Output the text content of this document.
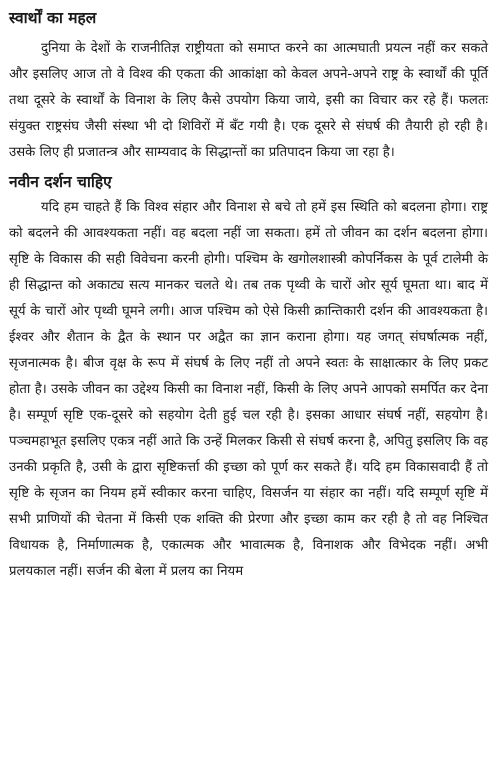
स्वार्थों का महल

दुनिया के देशों के राजनीतिज्ञ राष्ट्रीयता को समाप्त करने का आत्मघाती प्रयत्न नहीं कर सकते और इसलिए आज तो वे विश्व की एकता की आकांक्षा को केवल अपने-अपने राष्ट्र के स्वार्थों की पूर्ति तथा दूसरे के स्वार्थों के विनाश के लिए कैसे उपयोग किया जाये, इसी का विचार कर रहे हैं। फलतः संयुक्त राष्ट्रसंघ जैसी संस्था भी दो शिविरों में बँट गयी है। एक दूसरे से संघर्ष की तैयारी हो रही है। उसके लिए ही प्रजातन्त्र और साम्यवाद के सिद्धान्तों का प्रतिपादन किया जा रहा है।

नवीन दर्शन चाहिए

यदि हम चाहते हैं कि विश्व संहार और विनाश से बचे तो हमें इस स्थिति को बदलना होगा। राष्ट्र को बदलने की आवश्यकता नहीं। वह बदला नहीं जा सकता। हमें तो जीवन का दर्शन बदलना होगा। सृष्टि के विकास की सही विवेचना करनी होगी। पश्चिम के खगोलशास्त्री कोपर्निकस के पूर्व टालेमी के ही सिद्धान्त को अकाट्य सत्य मानकर चलते थे। तब तक पृथ्वी के चारों ओर सूर्य घूमता था। बाद में सूर्य के चारों ओर पृथ्वी घूमने लगी। आज पश्चिम को ऐसे किसी क्रान्तिकारी दर्शन की आवश्यकता है। ईश्वर और शैतान के द्वैत के स्थान पर अद्वैत का ज्ञान कराना होगा। यह जगत् संघर्षात्मक नहीं, सृजनात्मक है। बीज वृक्ष के रूप में संघर्ष के लिए नहीं तो अपने स्वतः के साक्षात्कार के लिए प्रकट होता है। उसके जीवन का उद्देश्य किसी का विनाश नहीं, किसी के लिए अपने आपको समर्पित कर देना है। सम्पूर्ण सृष्टि एक-दूसरे को सहयोग देती हुई चल रही है। इसका आधार संघर्ष नहीं, सहयोग है। पञ्चमहाभूत इसलिए एकत्र नहीं आते कि उन्हें मिलकर किसी से संघर्ष करना है, अपितु इसलिए कि वह उनकी प्रकृति है, उसी के द्वारा सृष्टिकर्त्ता की इच्छा को पूर्ण कर सकते हैं। यदि हम विकासवादी हैं तो सृष्टि के सृजन का नियम हमें स्वीकार करना चाहिए, विसर्जन या संहार का नहीं। यदि सम्पूर्ण सृष्टि में सभी प्राणियों की चेतना में किसी एक शक्ति की प्रेरणा और इच्छा काम कर रही है तो वह निश्चित विधायक है, निर्माणात्मक है, एकात्मक और भावात्मक है, विनाशक और विभेदक नहीं। अभी प्रलयकाल नहीं। सर्जन की बेला में प्रलय का नियम
